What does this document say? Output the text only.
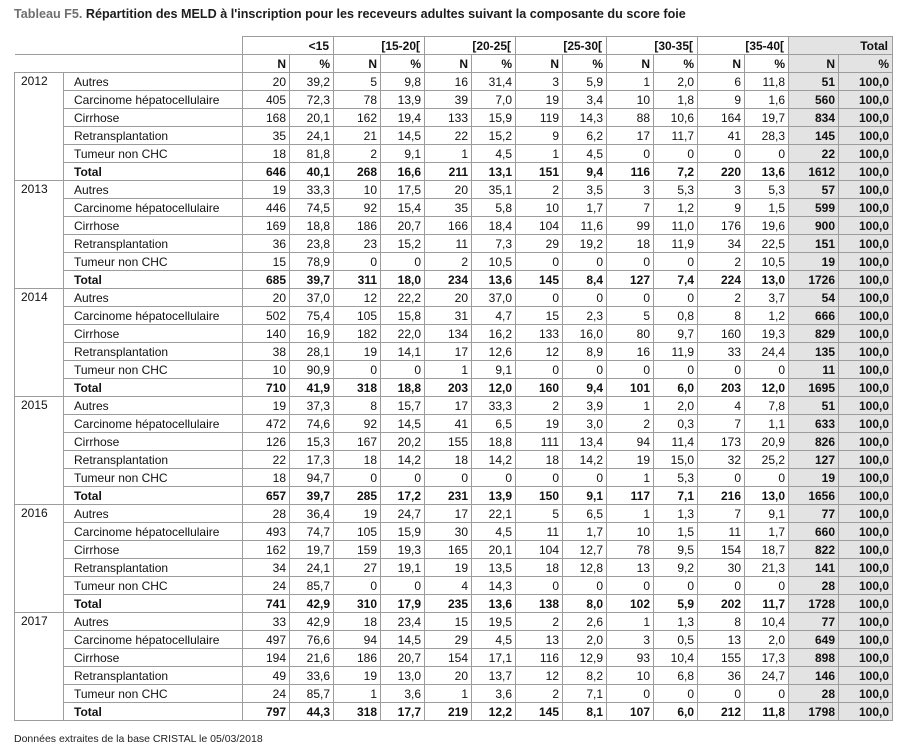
Tableau F5. Répartition des MELD à l'inscription pour les receveurs adultes suivant la composante du score foie
		<15		[15-20[		[20-25[		[25-30[		[30-35[		[35-40[		Total	
		N	%	N	%	N	%	N	%	N	%	N	%	N	%
2012	Autres	20	39,2	5	9,8	16	31,4	3	5,9	1	2,0	6	11,8	51	100,0
	Carcinome hépatocellulaire	405	72,3	78	13,9	39	7,0	19	3,4	10	1,8	9	1,6	560	100,0
	Cirrhose	168	20,1	162	19,4	133	15,9	119	14,3	88	10,6	164	19,7	834	100,0
	Retransplantation	35	24,1	21	14,5	22	15,2	9	6,2	17	11,7	41	28,3	145	100,0
	Tumeur non CHC	18	81,8	2	9,1	1	4,5	1	4,5	0	0	0	0	22	100,0
	Total	646	40,1	268	16,6	211	13,1	151	9,4	116	7,2	220	13,6	1612	100,0
2013	Autres	19	33,3	10	17,5	20	35,1	2	3,5	3	5,3	3	5,3	57	100,0
	Carcinome hépatocellulaire	446	74,5	92	15,4	35	5,8	10	1,7	7	1,2	9	1,5	599	100,0
	Cirrhose	169	18,8	186	20,7	166	18,4	104	11,6	99	11,0	176	19,6	900	100,0
	Retransplantation	36	23,8	23	15,2	11	7,3	29	19,2	18	11,9	34	22,5	151	100,0
	Tumeur non CHC	15	78,9	0	0	2	10,5	0	0	0	0	2	10,5	19	100,0
	Total	685	39,7	311	18,0	234	13,6	145	8,4	127	7,4	224	13,0	1726	100,0
2014	Autres	20	37,0	12	22,2	20	37,0	0	0	0	0	2	3,7	54	100,0
	Carcinome hépatocellulaire	502	75,4	105	15,8	31	4,7	15	2,3	5	0,8	8	1,2	666	100,0
	Cirrhose	140	16,9	182	22,0	134	16,2	133	16,0	80	9,7	160	19,3	829	100,0
	Retransplantation	38	28,1	19	14,1	17	12,6	12	8,9	16	11,9	33	24,4	135	100,0
	Tumeur non CHC	10	90,9	0	0	1	9,1	0	0	0	0	0	0	11	100,0
	Total	710	41,9	318	18,8	203	12,0	160	9,4	101	6,0	203	12,0	1695	100,0
2015	Autres	19	37,3	8	15,7	17	33,3	2	3,9	1	2,0	4	7,8	51	100,0
	Carcinome hépatocellulaire	472	74,6	92	14,5	41	6,5	19	3,0	2	0,3	7	1,1	633	100,0
	Cirrhose	126	15,3	167	20,2	155	18,8	111	13,4	94	11,4	173	20,9	826	100,0
	Retransplantation	22	17,3	18	14,2	18	14,2	18	14,2	19	15,0	32	25,2	127	100,0
	Tumeur non CHC	18	94,7	0	0	0	0	0	0	1	5,3	0	0	19	100,0
	Total	657	39,7	285	17,2	231	13,9	150	9,1	117	7,1	216	13,0	1656	100,0
2016	Autres	28	36,4	19	24,7	17	22,1	5	6,5	1	1,3	7	9,1	77	100,0
	Carcinome hépatocellulaire	493	74,7	105	15,9	30	4,5	11	1,7	10	1,5	11	1,7	660	100,0
	Cirrhose	162	19,7	159	19,3	165	20,1	104	12,7	78	9,5	154	18,7	822	100,0
	Retransplantation	34	24,1	27	19,1	19	13,5	18	12,8	13	9,2	30	21,3	141	100,0
	Tumeur non CHC	24	85,7	0	0	4	14,3	0	0	0	0	0	0	28	100,0
	Total	741	42,9	310	17,9	235	13,6	138	8,0	102	5,9	202	11,7	1728	100,0
2017	Autres	33	42,9	18	23,4	15	19,5	2	2,6	1	1,3	8	10,4	77	100,0
	Carcinome hépatocellulaire	497	76,6	94	14,5	29	4,5	13	2,0	3	0,5	13	2,0	649	100,0
	Cirrhose	194	21,6	186	20,7	154	17,1	116	12,9	93	10,4	155	17,3	898	100,0
	Retransplantation	49	33,6	19	13,0	20	13,7	12	8,2	10	6,8	36	24,7	146	100,0
	Tumeur non CHC	24	85,7	1	3,6	1	3,6	2	7,1	0	0	0	0	28	100,0
	Total	797	44,3	318	17,7	219	12,2	145	8,1	107	6,0	212	11,8	1798	100,0
Données extraites de la base CRISTAL le 05/03/2018
